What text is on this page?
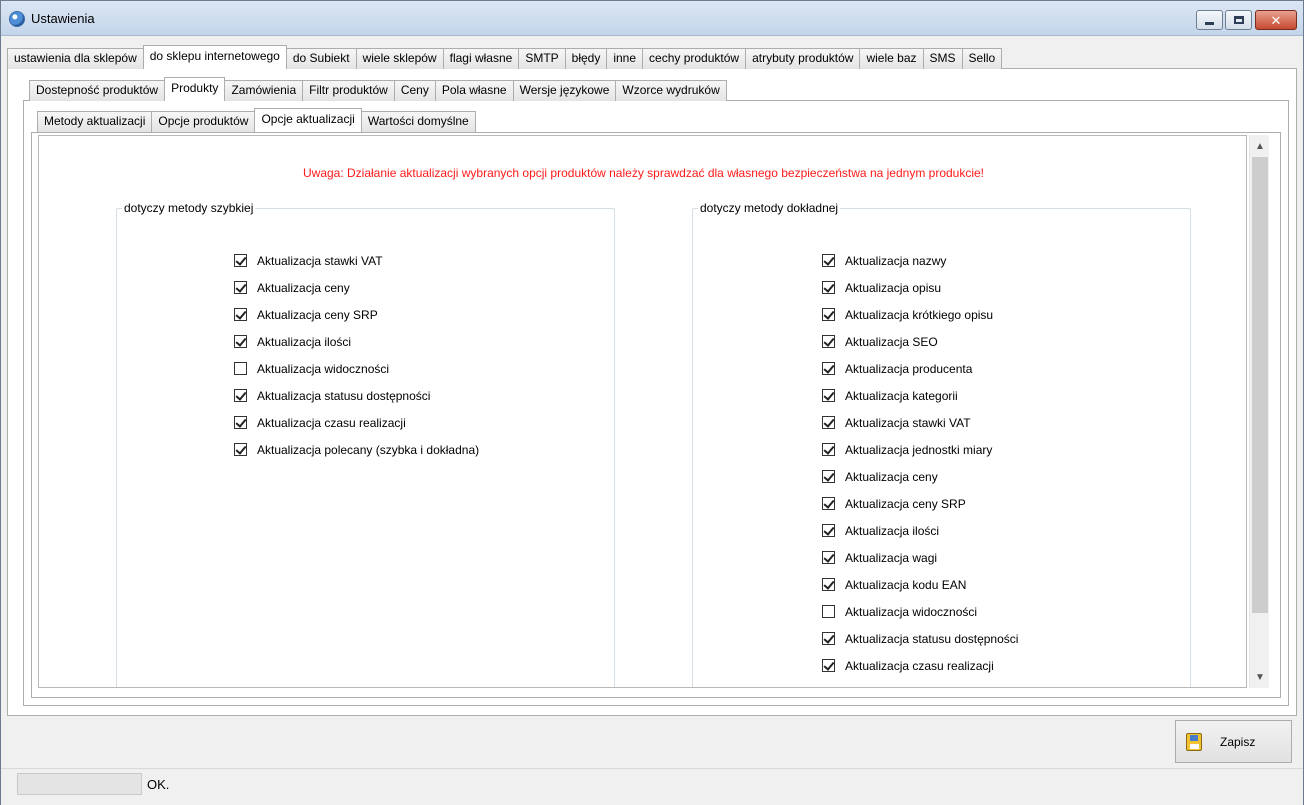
Ustawienia	✕
ustawienia dla sklepów	do sklepu internetowego	do Subiekt	wiele sklepów	flagi własne	SMTP	błędy	inne	cechy produktów	atrybuty produktów	wiele baz	SMS	Sello
Dostepność produktów	Produkty	Zamówienia	Filtr produktów	Ceny	Pola własne	Wersje językowe	Wzorce wydruków
Metody aktualizacji	Opcje produktów	Opcje aktualizacji	Wartości domyślne
Uwaga: Działanie aktualizacji wybranych opcji produktów należy sprawdzać dla własnego bezpieczeństwa na jednym produkcie!
dotyczy metody szybkiej
Aktualizacja stawki VAT
Aktualizacja ceny
Aktualizacja ceny SRP
Aktualizacja ilości
Aktualizacja widoczności
Aktualizacja statusu dostępności
Aktualizacja czasu realizacji
Aktualizacja polecany (szybka i dokładna)
dotyczy metody dokładnej
Aktualizacja nazwy
Aktualizacja opisu
Aktualizacja krótkiego opisu
Aktualizacja SEO
Aktualizacja producenta
Aktualizacja kategorii
Aktualizacja stawki VAT
Aktualizacja jednostki miary
Aktualizacja ceny
Aktualizacja ceny SRP
Aktualizacja ilości
Aktualizacja wagi
Aktualizacja kodu EAN
Aktualizacja widoczności
Aktualizacja statusu dostępności
Aktualizacja czasu realizacji
▲
▼
Zapisz
OK.
